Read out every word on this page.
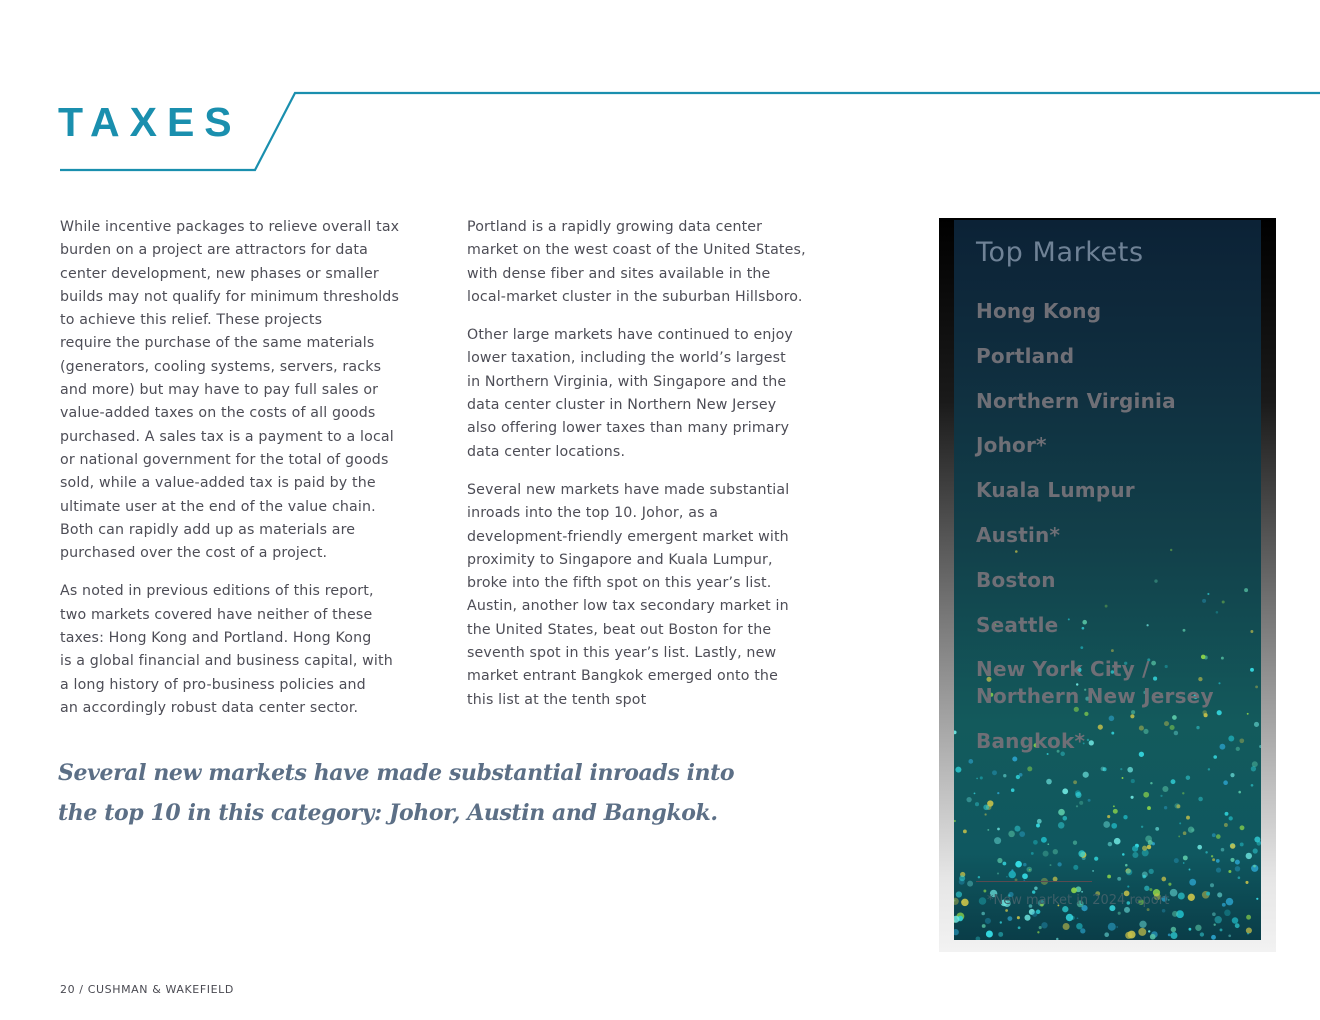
TAXES

While incentive packages to relieve overall tax
burden on a project are attractors for data
center development, new phases or smaller
builds may not qualify for minimum thresholds
to achieve this relief. These projects
require the purchase of the same materials
(generators, cooling systems, servers, racks
and more) but may have to pay full sales or
value-added taxes on the costs of all goods
purchased. A sales tax is a payment to a local
or national government for the total of goods
sold, while a value-added tax is paid by the
ultimate user at the end of the value chain.
Both can rapidly add up as materials are
purchased over the cost of a project.

As noted in previous editions of this report,
two markets covered have neither of these
taxes: Hong Kong and Portland. Hong Kong
is a global financial and business capital, with
a long history of pro-business policies and
an accordingly robust data center sector.

Portland is a rapidly growing data center
market on the west coast of the United States,
with dense fiber and sites available in the
local-market cluster in the suburban Hillsboro.

Other large markets have continued to enjoy
lower taxation, including the world’s largest
in Northern Virginia, with Singapore and the
data center cluster in Northern New Jersey
also offering lower taxes than many primary
data center locations.

Several new markets have made substantial
inroads into the top 10. Johor, as a
development-friendly emergent market with
proximity to Singapore and Kuala Lumpur,
broke into the fifth spot on this year’s list.
Austin, another low tax secondary market in
the United States, beat out Boston for the
seventh spot in this year’s list. Lastly, new
market entrant Bangkok emerged onto the
this list at the tenth spot

Several new markets have made substantial inroads into
the top 10 in this category: Johor, Austin and Bangkok.
Top Markets
Hong Kong
Portland
Northern Virginia
Johor*
Kuala Lumpur
Austin*
Boston
Seattle
New York City /
Northern New Jersey
Bangkok*

*New market in 2024 report

20 / CUSHMAN & WAKEFIELD
